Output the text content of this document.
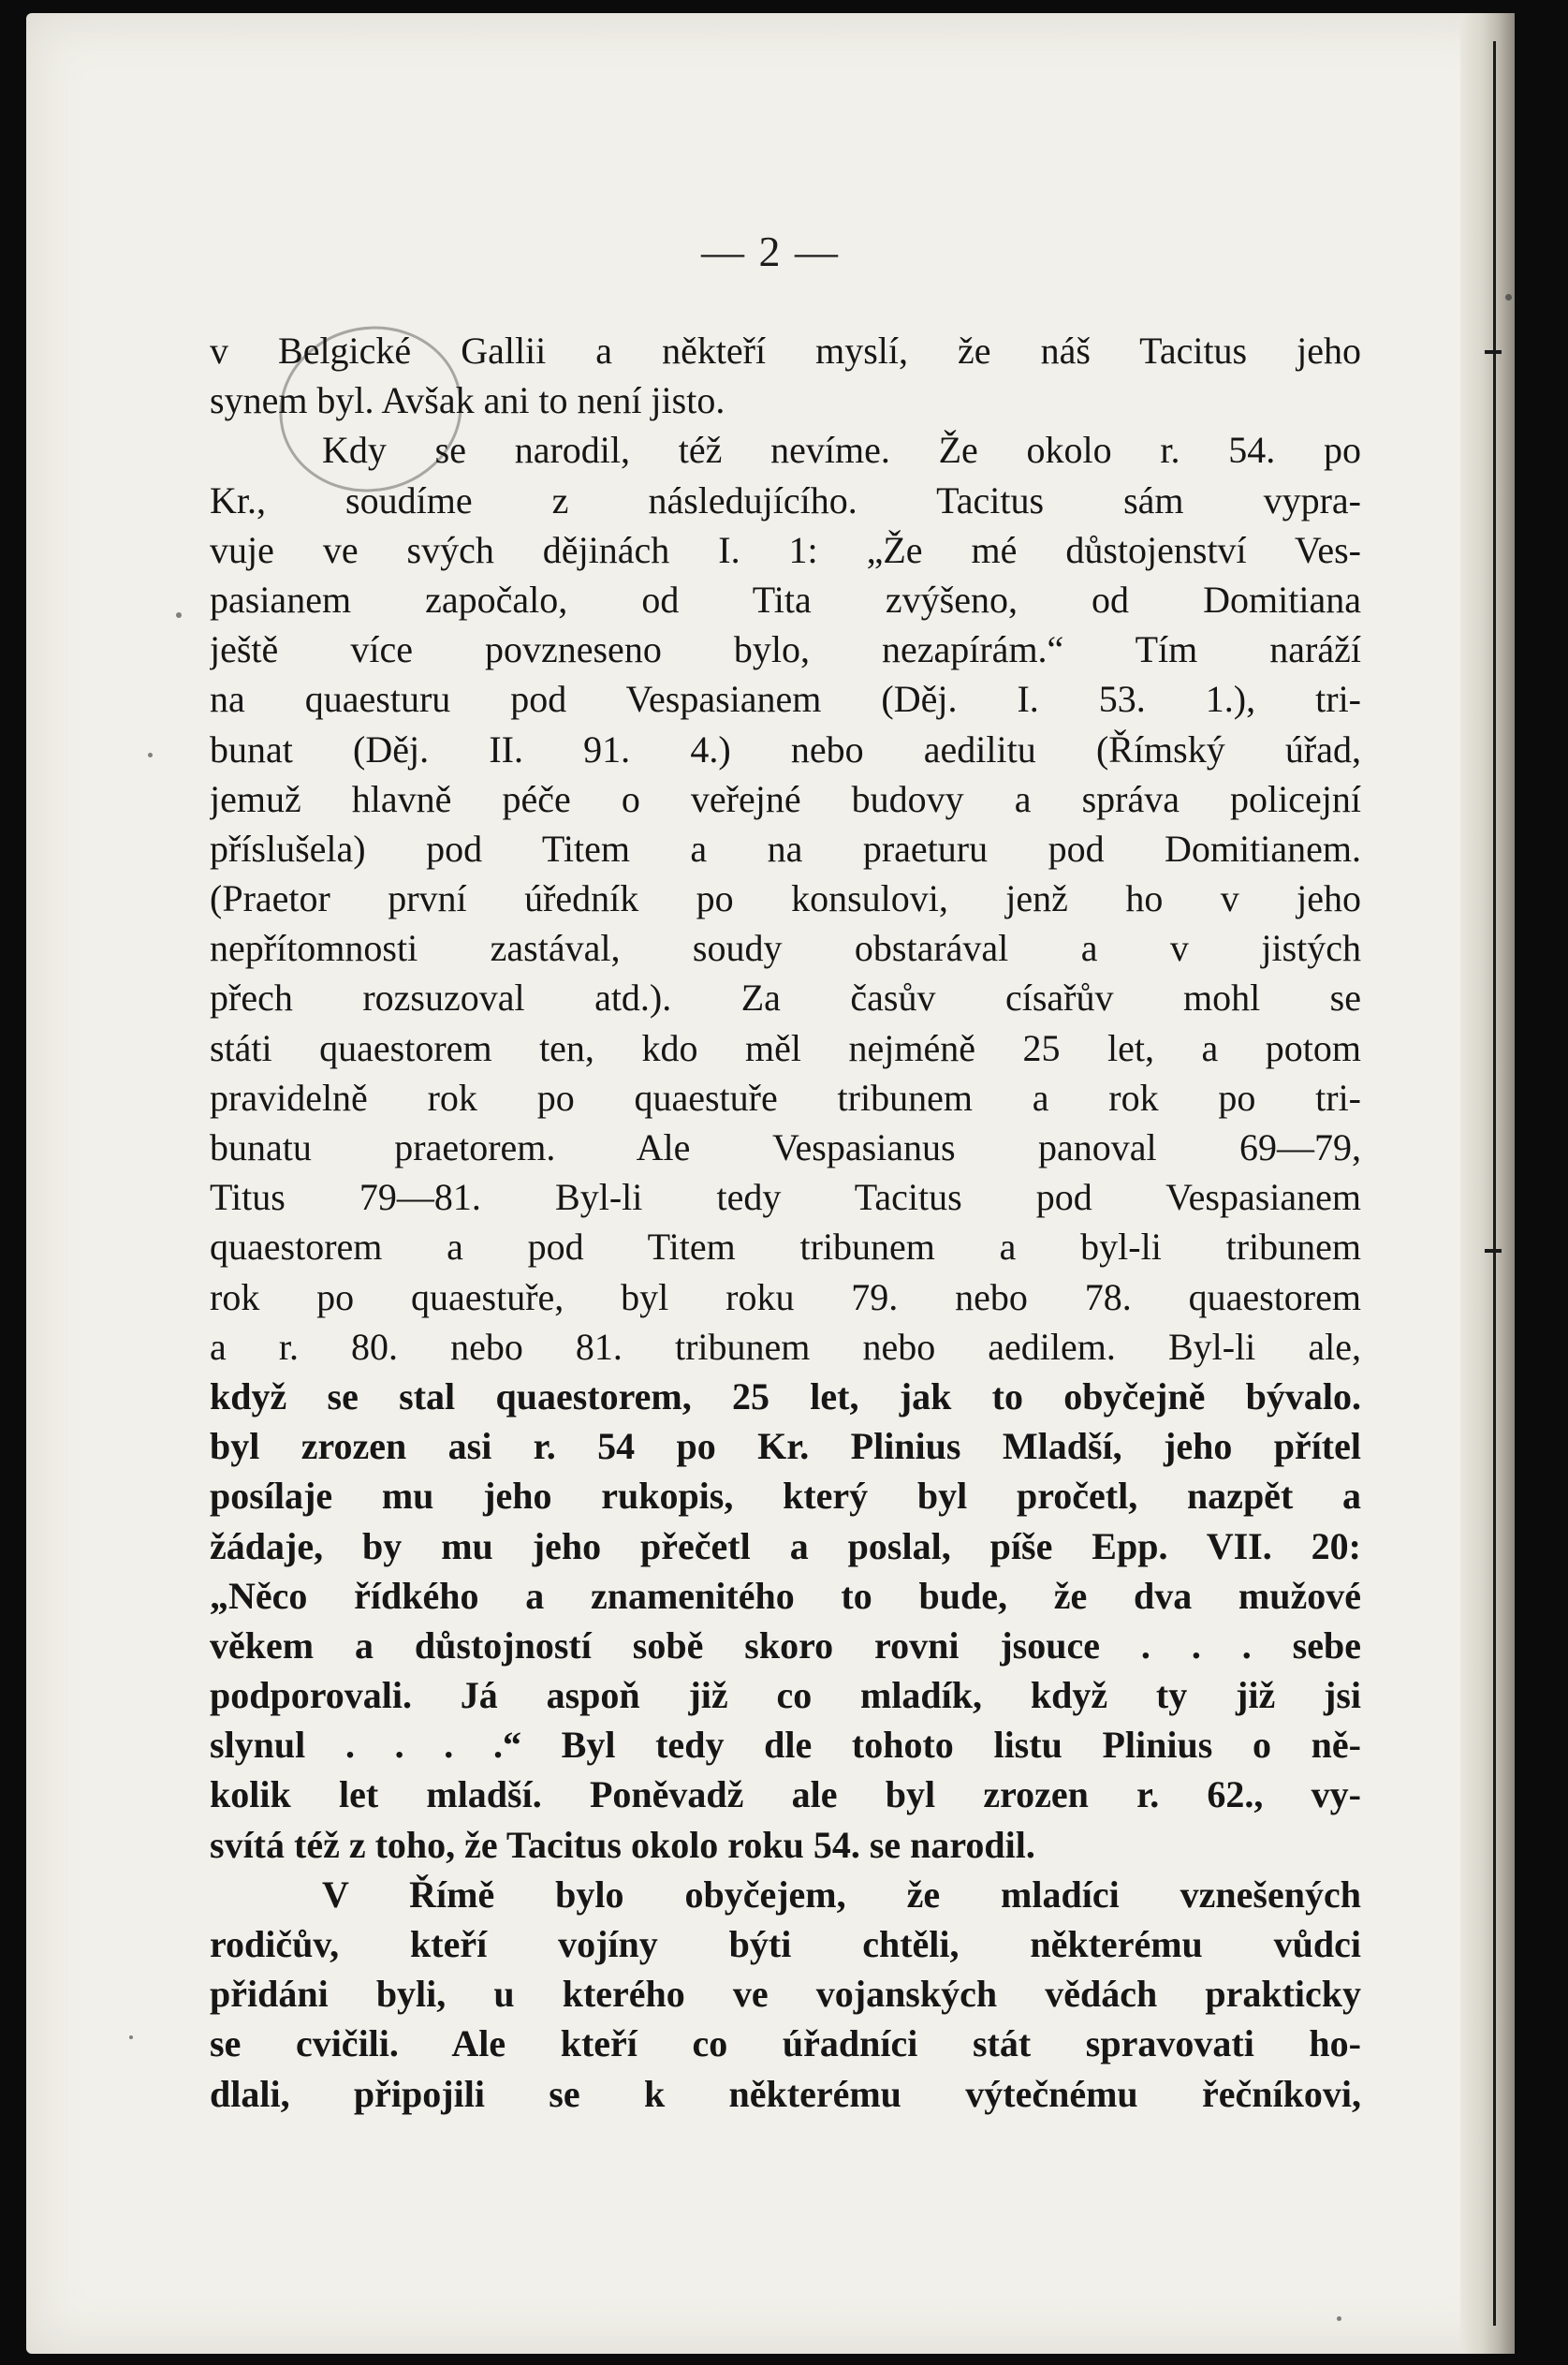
— 2 —
v Belgické Gallii a někteří myslí, že náš Tacitus jeho
synem byl. Avšak ani to není jisto.
Kdy se narodil, též nevíme. Že okolo r. 54. po
Kr., soudíme z následujícího. Tacitus sám vypra-
vuje ve svých dějinách I. 1: „Že mé důstojenství Ves-
pasianem započalo, od Tita zvýšeno, od Domitiana
ještě více povzneseno bylo, nezapírám.“ Tím naráží
na quaesturu pod Vespasianem (Děj. I. 53. 1.), tri-
bunat (Děj. II. 91. 4.) nebo aedilitu (Římský úřad,
jemuž hlavně péče o veřejné budovy a správa policejní
příslušela) pod Titem a na praeturu pod Domitianem.
(Praetor první úředník po konsulovi, jenž ho v jeho
nepřítomnosti zastával, soudy obstarával a v jistých
přech rozsuzoval atd.). Za časův císařův mohl se
státi quaestorem ten, kdo měl nejméně 25 let, a potom
pravidelně rok po quaestuře tribunem a rok po tri-
bunatu praetorem. Ale Vespasianus panoval 69—79,
Titus 79—81. Byl-li tedy Tacitus pod Vespasianem
quaestorem a pod Titem tribunem a byl-li tribunem
rok po quaestuře, byl roku 79. nebo 78. quaestorem
a r. 80. nebo 81. tribunem nebo aedilem. Byl-li ale,
když se stal quaestorem, 25 let, jak to obyčejně bývalo.
byl zrozen asi r. 54 po Kr. Plinius Mladší, jeho přítel
posílaje mu jeho rukopis, který byl pročetl, nazpět a
žádaje, by mu jeho přečetl a poslal, píše Epp. VII. 20:
„Něco řídkého a znamenitého to bude, že dva mužové
věkem a důstojností sobě skoro rovni jsouce . . . sebe
podporovali. Já aspoň již co mladík, když ty již jsi
slynul . . . .“ Byl tedy dle tohoto listu Plinius o ně-
kolik let mladší. Poněvadž ale byl zrozen r. 62., vy-
svítá též z toho, že Tacitus okolo roku 54. se narodil.
V Římě bylo obyčejem, že mladíci vznešených
rodičův, kteří vojíny býti chtěli, některému vůdci
přidáni byli, u kterého ve vojanských vědách prakticky
se cvičili. Ale kteří co úřadníci stát spravovati ho-
dlali, připojili se k některému výtečnému řečníkovi,
